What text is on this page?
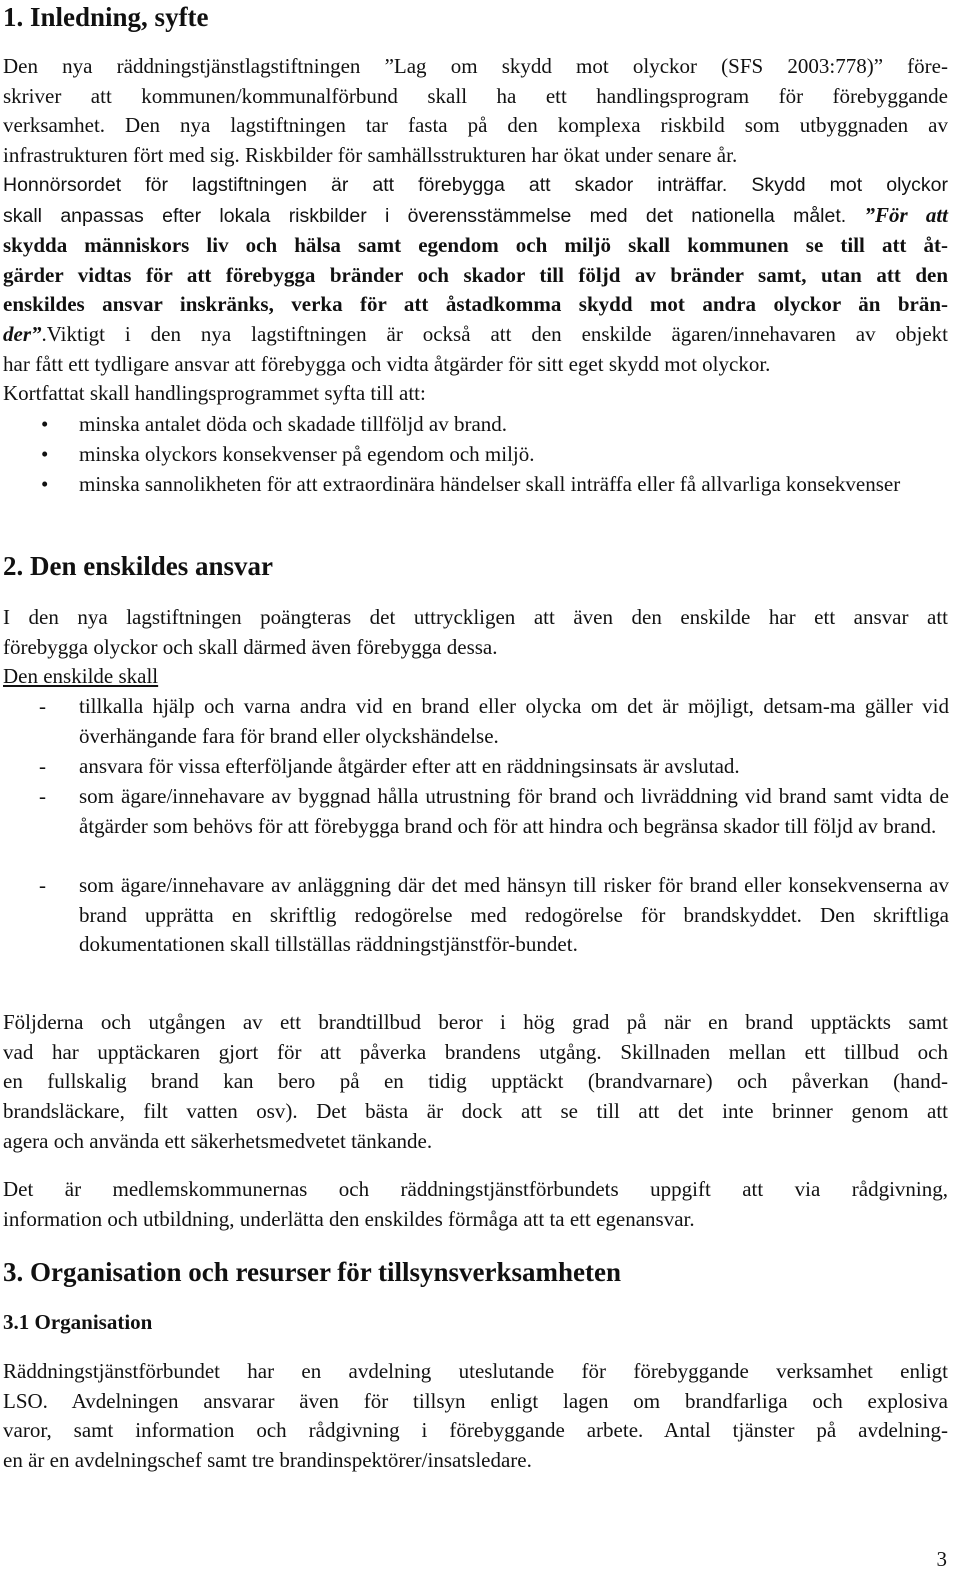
1. Inledning, syfte
Den nya räddningstjänstlagstiftningen ”Lag om skydd mot olyckor (SFS 2003:778)” före-
skriver att kommunen/kommunalförbund skall ha ett handlingsprogram för förebyggande
verksamhet. Den nya lagstiftningen tar fasta på den komplexa riskbild som utbyggnaden av
infrastrukturen fört med sig. Riskbilder för samhällsstrukturen har ökat under senare år.
Honnörsordet för lagstiftningen är att förebygga att skador inträffar. Skydd mot olyckor
skall anpassas efter lokala riskbilder i överensstämmelse med det nationella målet. ”För att
skydda människors liv och hälsa samt egendom och miljö skall kommunen se till att åt-
gärder vidtas för att förebygga bränder och skador till följd av bränder samt, utan att den
enskildes ansvar inskränks, verka för att åstadkomma skydd mot andra olyckor än brän-
der”.Viktigt i den nya lagstiftningen är också att den enskilde ägaren/innehavaren av objekt
har fått ett tydligare ansvar att förebygga och vidta åtgärder för sitt eget skydd mot olyckor.
Kortfattat skall handlingsprogrammet syfta till att:
• minska antalet döda och skadade tillföljd av brand.
• minska olyckors konsekvenser på egendom och miljö.
• minska sannolikheten för att extraordinära händelser skall inträffa eller få allvarliga konsekvenser
2. Den enskildes ansvar
I den nya lagstiftningen poängteras det uttryckligen att även den enskilde har ett ansvar att
förebygga olyckor och skall därmed även förebygga dessa.
Den enskilde skall
- tillkalla hjälp och varna andra vid en brand eller olycka om det är möjligt, detsam-ma gäller vid överhängande fara för brand eller olyckshändelse.
- ansvara för vissa efterföljande åtgärder efter att en räddningsinsats är avslutad.
- som ägare/innehavare av byggnad hålla utrustning för brand och livräddning vid brand samt vidta de åtgärder som behövs för att förebygga brand och för att hindra och begränsa skador till följd av brand.
- som ägare/innehavare av anläggning där det med hänsyn till risker för brand eller konsekvenserna av brand upprätta en skriftlig redogörelse med redogörelse för brandskyddet. Den skriftliga dokumentationen skall tillställas räddningstjänstför-bundet.
Följderna och utgången av ett brandtillbud beror i hög grad på när en brand upptäckts samt
vad har upptäckaren gjort för att påverka brandens utgång. Skillnaden mellan ett tillbud och
en fullskalig brand kan bero på en tidig upptäckt (brandvarnare) och påverkan (hand-
brandsläckare, filt vatten osv). Det bästa är dock att se till att det inte brinner genom att
agera och använda ett säkerhetsmedvetet tänkande.
Det är medlemskommunernas och räddningstjänstförbundets uppgift att via rådgivning,
information och utbildning, underlätta den enskildes förmåga att ta ett egenansvar.
3. Organisation och resurser för tillsynsverksamheten
3.1 Organisation
Räddningstjänstförbundet har en avdelning uteslutande för förebyggande verksamhet enligt
LSO. Avdelningen ansvarar även för tillsyn enligt lagen om brandfarliga och explosiva
varor, samt information och rådgivning i förebyggande arbete. Antal tjänster på avdelning-
en är en avdelningschef samt tre brandinspektörer/insatsledare.
3
